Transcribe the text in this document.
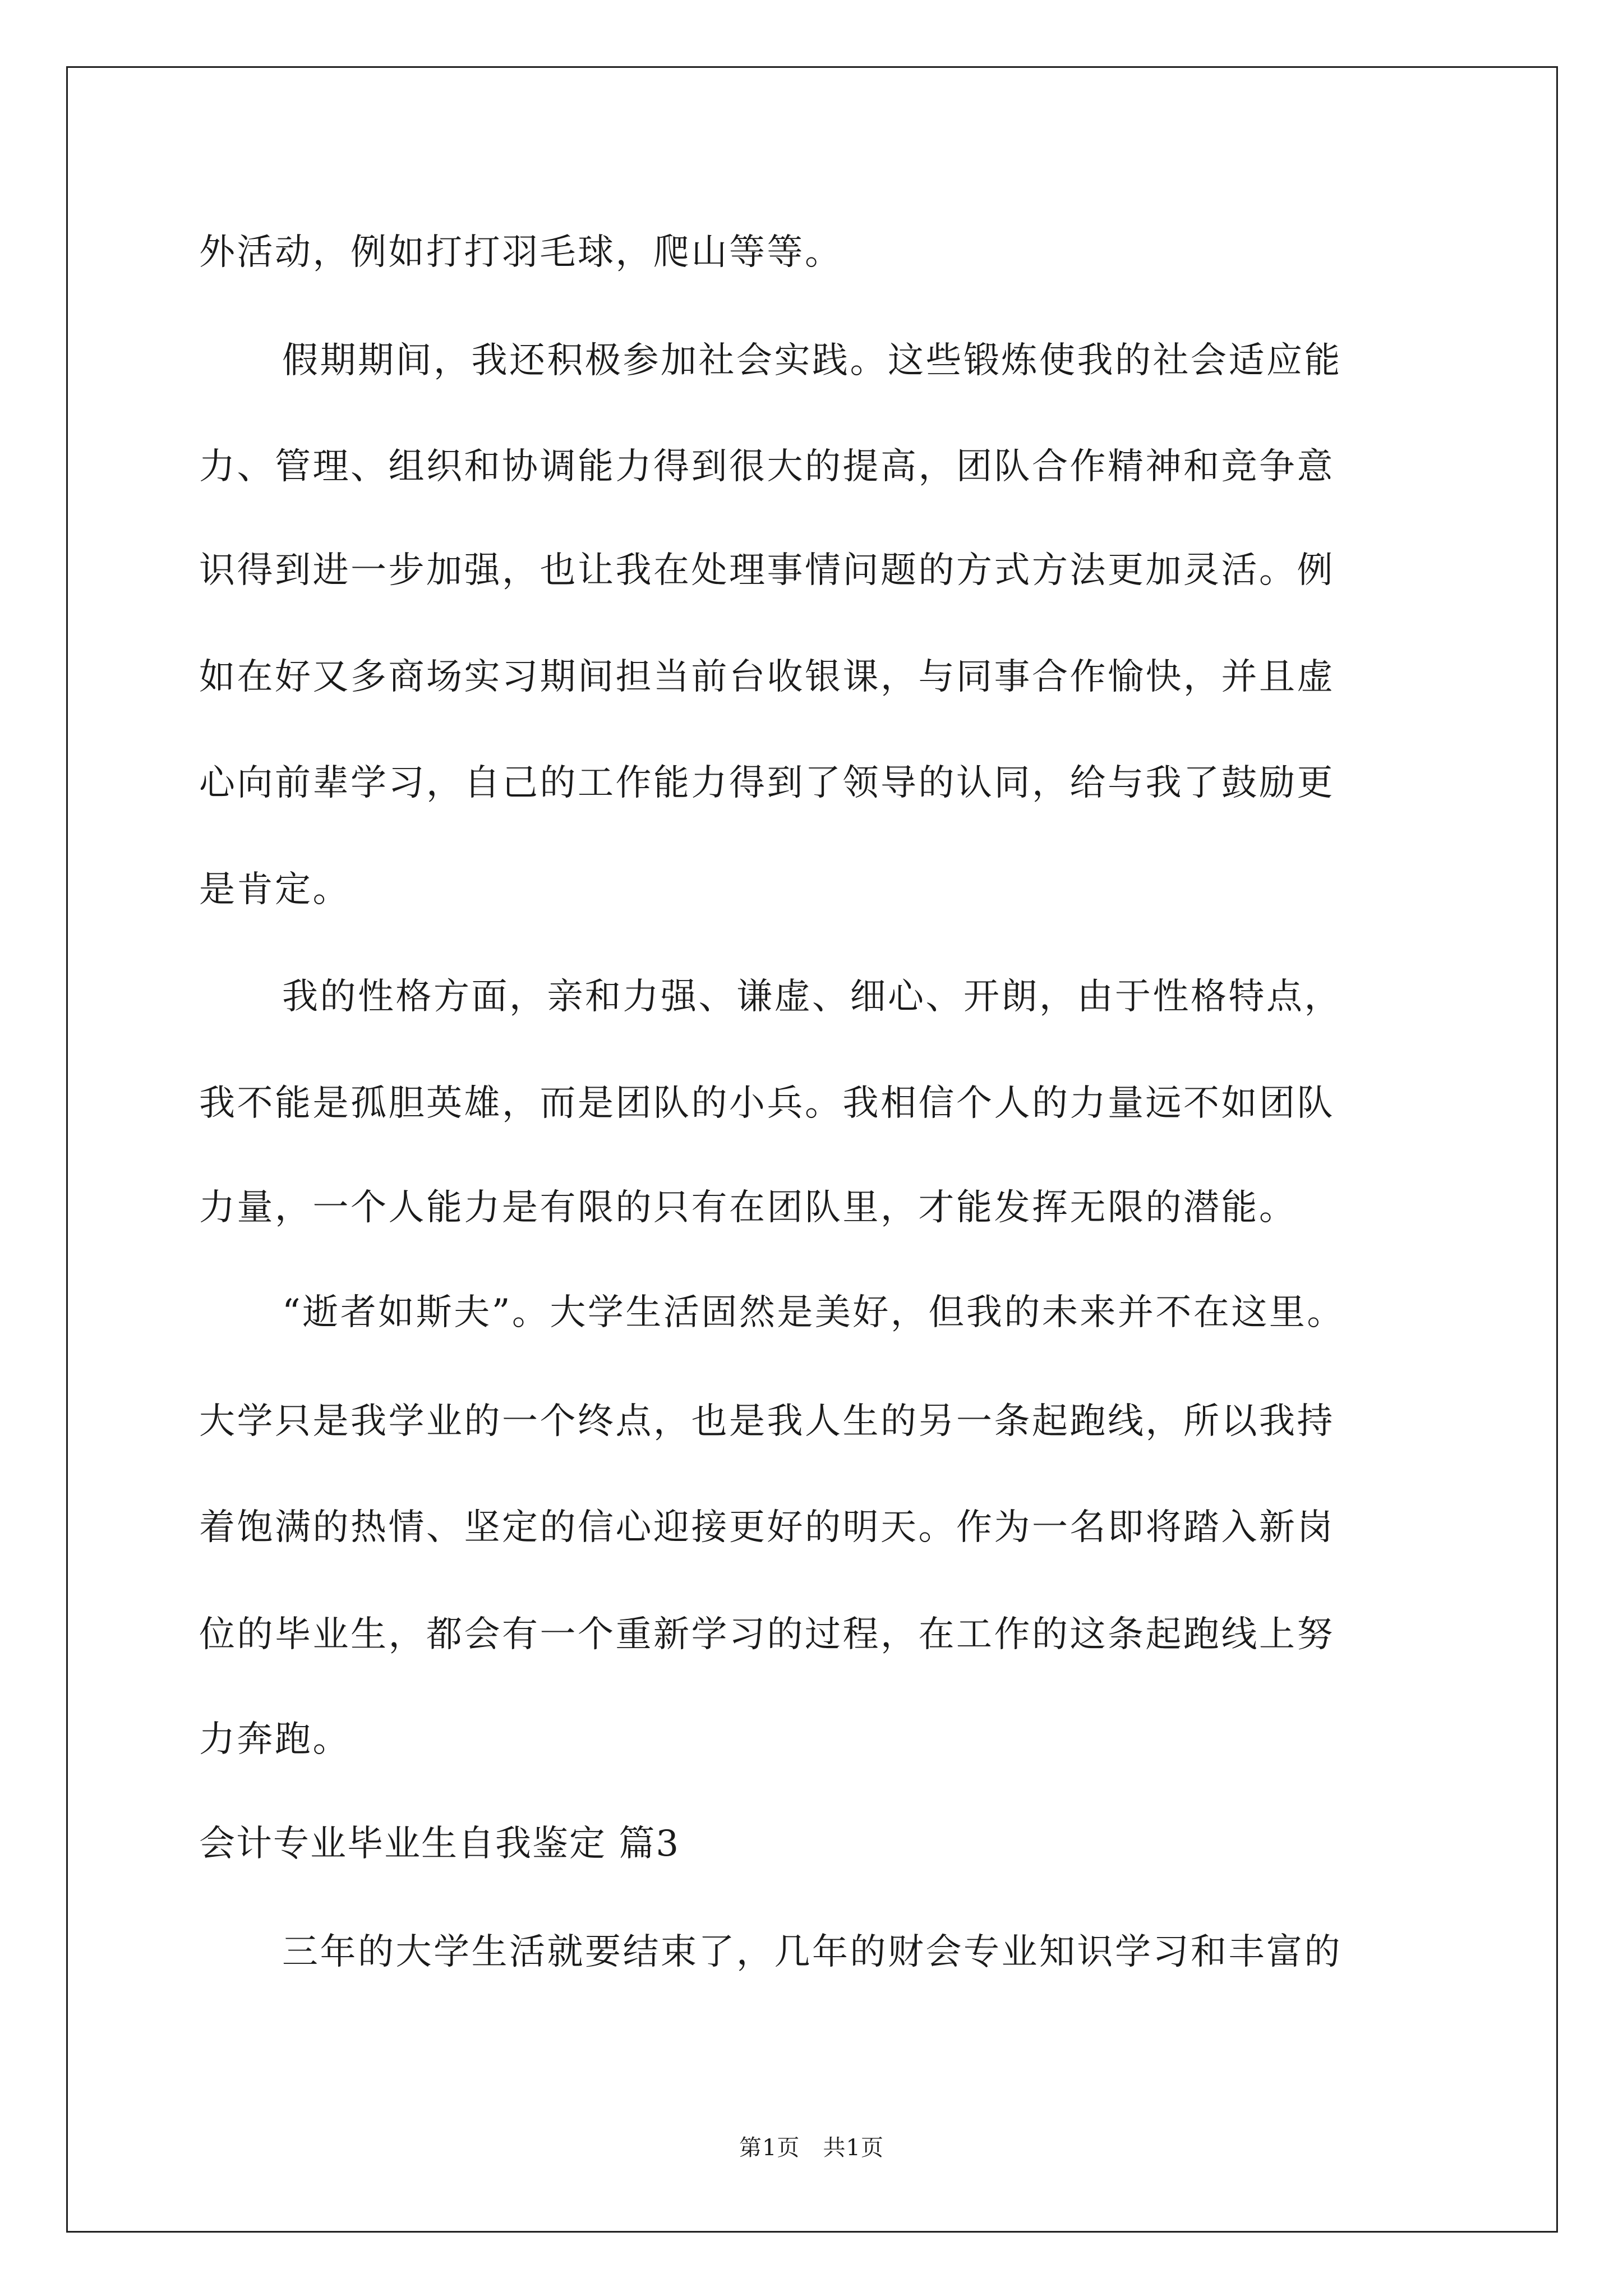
外活动，例如打打羽毛球，爬山等等。
假期期间，我还积极参加社会实践。这些锻炼使我的社会适应能
力、管理、组织和协调能力得到很大的提高，团队合作精神和竞争意
识得到进一步加强，也让我在处理事情问题的方式方法更加灵活。例
如在好又多商场实习期间担当前台收银课，与同事合作愉快，并且虚
心向前辈学习，自己的工作能力得到了领导的认同，给与我了鼓励更
是肯定。
我的性格方面，亲和力强、谦虚、细心、开朗，由于性格特点，
我不能是孤胆英雄，而是团队的小兵。我相信个人的力量远不如团队
力量，一个人能力是有限的只有在团队里，才能发挥无限的潜能。
“逝者如斯夫”。大学生活固然是美好，但我的未来并不在这里。
大学只是我学业的一个终点，也是我人生的另一条起跑线，所以我持
着饱满的热情、坚定的信心迎接更好的明天。作为一名即将踏入新岗
位的毕业生，都会有一个重新学习的过程，在工作的这条起跑线上努
力奔跑。
会计专业毕业生自我鉴定 篇3
三年的大学生活就要结束了，几年的财会专业知识学习和丰富的
第1页   共1页
